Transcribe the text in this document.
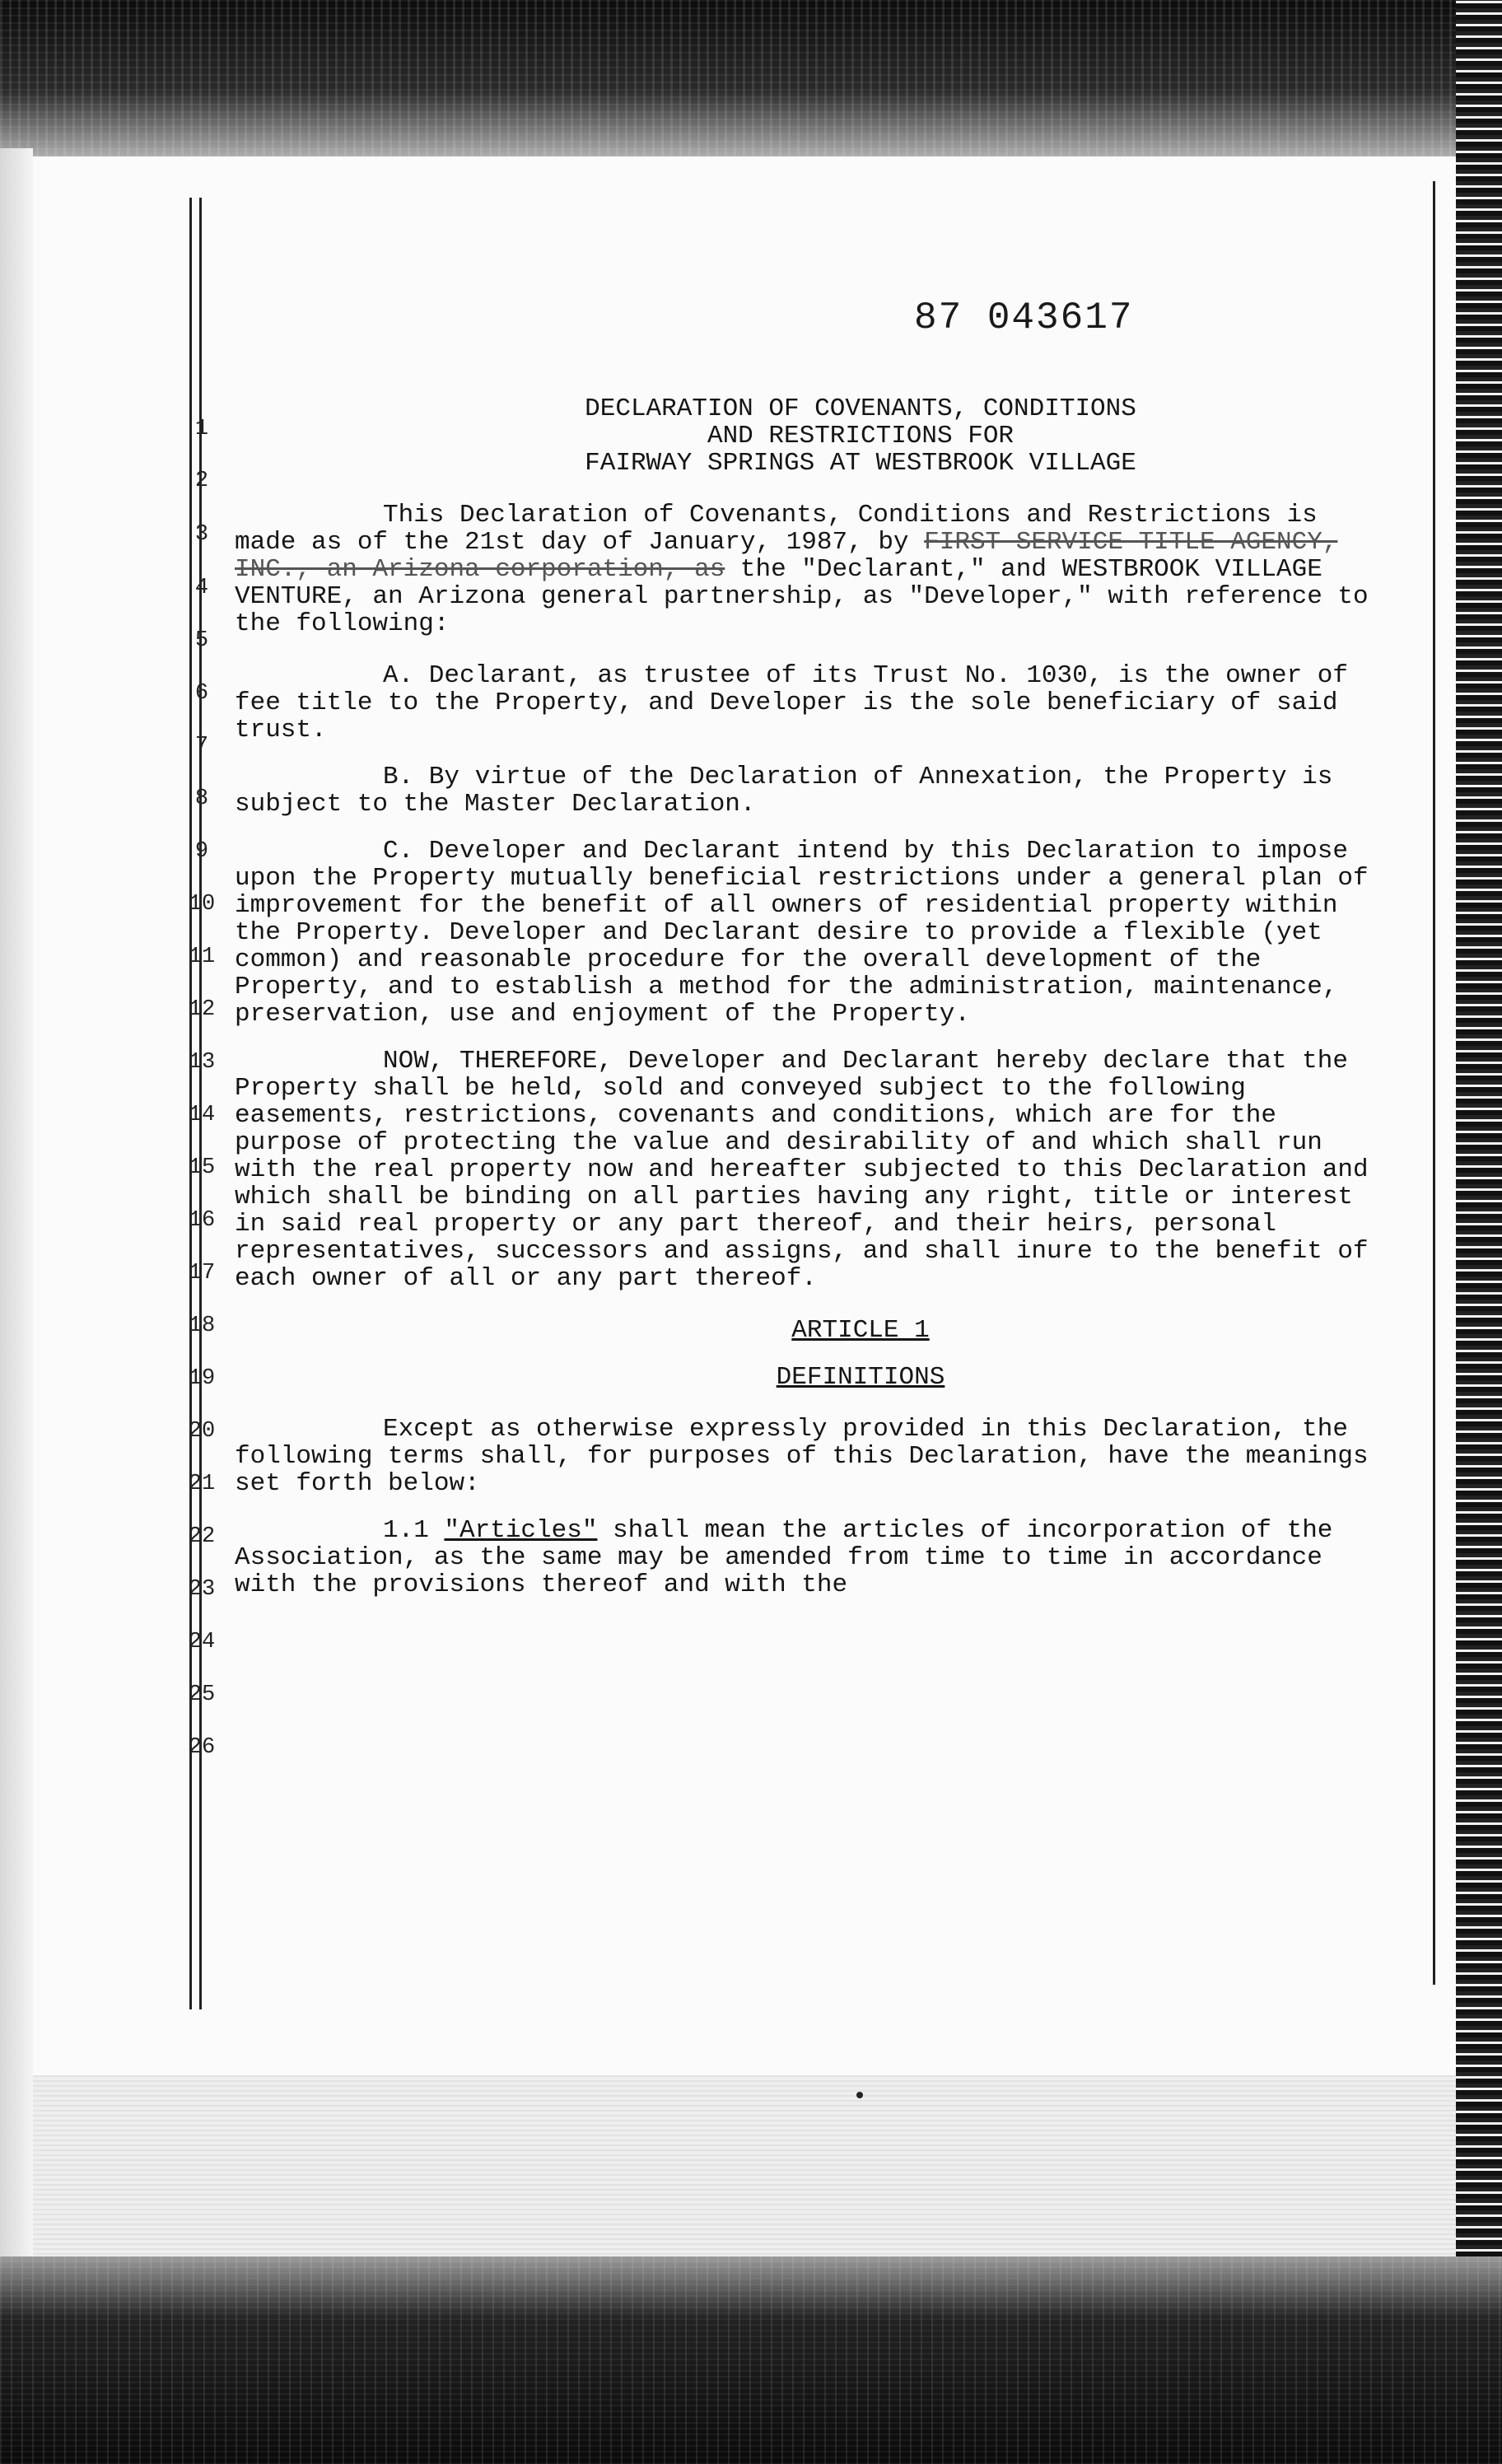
87 043617
1
2
3
4
5
6
7
8
9
10
11
12
13
14
15
16
17
18
19
20
21
22
23
24
25
26
DECLARATION OF COVENANTS, CONDITIONS
AND RESTRICTIONS FOR
FAIRWAY SPRINGS AT WESTBROOK VILLAGE

This Declaration of Covenants, Conditions and Restrictions is made as of the 21st day of January, 1987, by FIRST SERVICE TITLE AGENCY, INC., an Arizona corporation, as the "Declarant," and WESTBROOK VILLAGE VENTURE, an Arizona general partnership, as "Developer," with reference to the following:

A. Declarant, as trustee of its Trust No. 1030, is the owner of fee title to the Property, and Developer is the sole beneficiary of said trust.

B. By virtue of the Declaration of Annexation, the Property is subject to the Master Declaration.

C. Developer and Declarant intend by this Declaration to impose upon the Property mutually beneficial restrictions under a general plan of improvement for the benefit of all owners of residential property within the Property. Developer and Declarant desire to provide a flexible (yet common) and reasonable procedure for the overall development of the Property, and to establish a method for the administration, maintenance, preservation, use and enjoyment of the Property.

NOW, THEREFORE, Developer and Declarant hereby declare that the Property shall be held, sold and conveyed subject to the following easements, restrictions, covenants and conditions, which are for the purpose of protecting the value and desirability of and which shall run with the real property now and hereafter subjected to this Declaration and which shall be binding on all parties having any right, title or interest in said real property or any part thereof, and their heirs, personal representatives, successors and assigns, and shall inure to the benefit of each owner of all or any part thereof.

ARTICLE 1
DEFINITIONS

Except as otherwise expressly provided in this Declaration, the following terms shall, for purposes of this Declaration, have the meanings set forth below:

1.1 "Articles" shall mean the articles of incorporation of the Association, as the same may be amended from time to time in accordance with the provisions thereof and with the
